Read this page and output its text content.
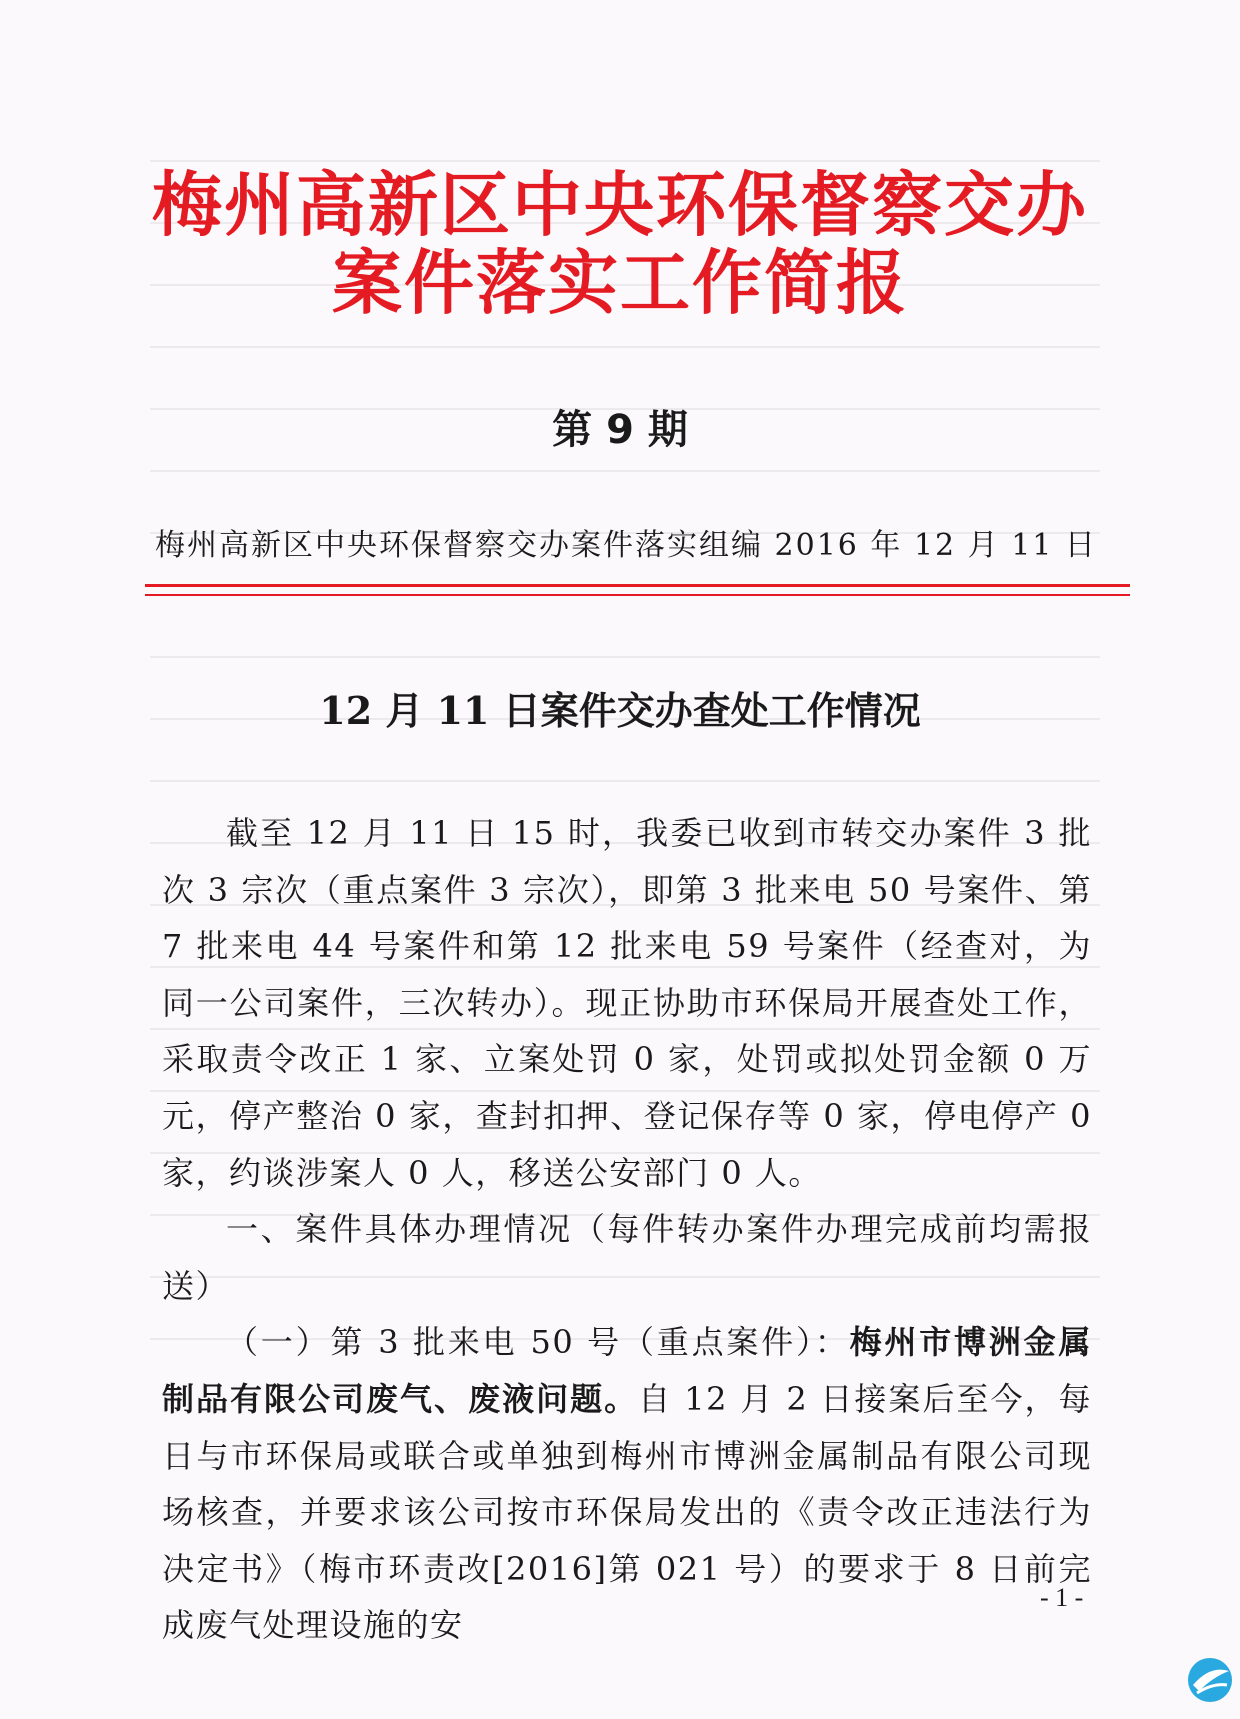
梅州高新区中央环保督察交办
案件落实工作简报
第 9 期
梅州高新区中央环保督察交办案件落实组编 2016 年 12 月 11 日
12 月 11 日案件交办查处工作情况

截至 12 月 11 日 15 时，我委已收到市转交办案件 3 批次 3 宗次（重点案件 3 宗次），即第 3 批来电 50 号案件、第 7 批来电 44 号案件和第 12 批来电 59 号案件（经查对，为同一公司案件，三次转办）。现正协助市环保局开展查处工作，采取责令改正 1 家、立案处罚 0 家，处罚或拟处罚金额 0 万元，停产整治 0 家，查封扣押、登记保存等 0 家，停电停产 0 家，约谈涉案人 0 人，移送公安部门 0 人。

一、案件具体办理情况（每件转办案件办理完成前均需报送）

（一）第 3 批来电 50 号（重点案件）：梅州市博洲金属制品有限公司废气、废液问题。自 12 月 2 日接案后至今，每日与市环保局或联合或单独到梅州市博洲金属制品有限公司现场核查，并要求该公司按市环保局发出的《责令改正违法行为决定书》（梅市环责改[2016]第 021 号）的要求于 8 日前完成废气处理设施的安

- 1 -
